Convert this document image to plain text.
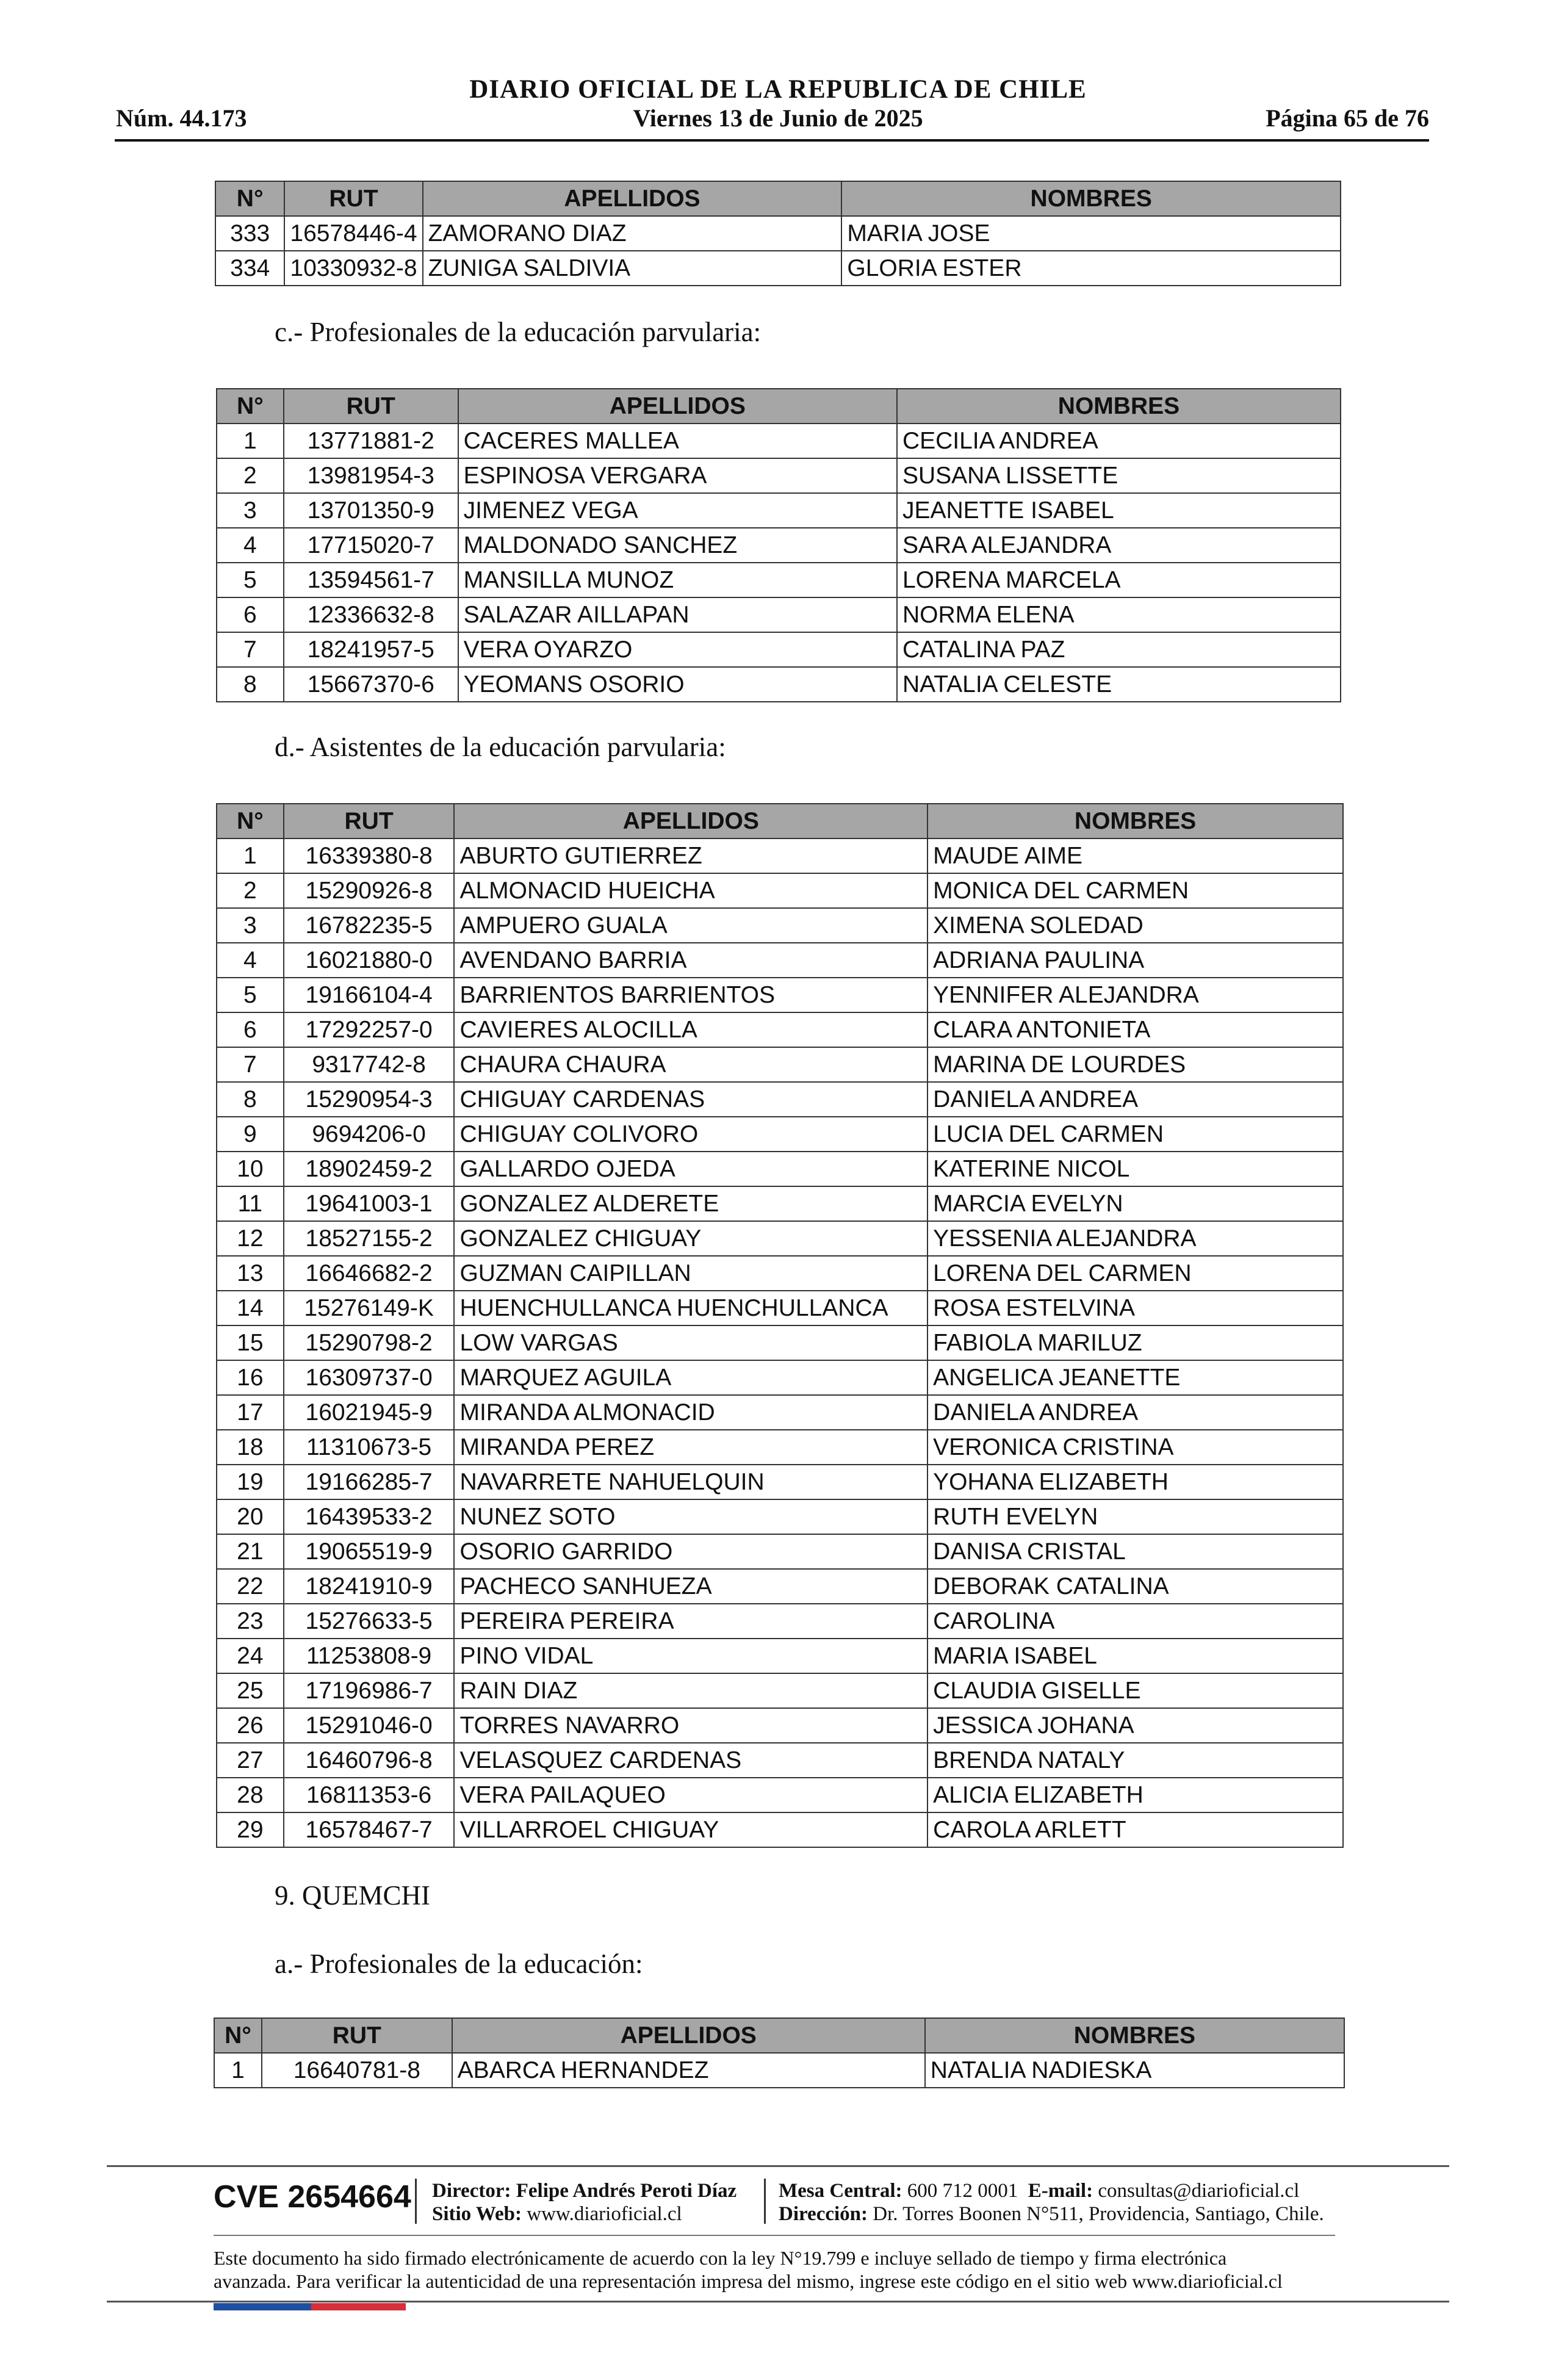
DIARIO OFICIAL DE LA REPUBLICA DE CHILE
Núm. 44.173	Viernes 13 de Junio de 2025	Página 65 de 76
N°	RUT	APELLIDOS	NOMBRES
333	16578446-4	ZAMORANO DIAZ	MARIA JOSE
334	10330932-8	ZUNIGA SALDIVIA	GLORIA ESTER
c.- Profesionales de la educación parvularia:
N°	RUT	APELLIDOS	NOMBRES
1	13771881-2	CACERES MALLEA	CECILIA ANDREA
2	13981954-3	ESPINOSA VERGARA	SUSANA LISSETTE
3	13701350-9	JIMENEZ VEGA	JEANETTE ISABEL
4	17715020-7	MALDONADO SANCHEZ	SARA ALEJANDRA
5	13594561-7	MANSILLA MUNOZ	LORENA MARCELA
6	12336632-8	SALAZAR AILLAPAN	NORMA ELENA
7	18241957-5	VERA OYARZO	CATALINA PAZ
8	15667370-6	YEOMANS OSORIO	NATALIA CELESTE
d.- Asistentes de la educación parvularia:
N°	RUT	APELLIDOS	NOMBRES
1	16339380-8	ABURTO GUTIERREZ	MAUDE AIME
2	15290926-8	ALMONACID HUEICHA	MONICA DEL CARMEN
3	16782235-5	AMPUERO GUALA	XIMENA SOLEDAD
4	16021880-0	AVENDANO BARRIA	ADRIANA PAULINA
5	19166104-4	BARRIENTOS BARRIENTOS	YENNIFER ALEJANDRA
6	17292257-0	CAVIERES ALOCILLA	CLARA ANTONIETA
7	9317742-8	CHAURA CHAURA	MARINA DE LOURDES
8	15290954-3	CHIGUAY CARDENAS	DANIELA ANDREA
9	9694206-0	CHIGUAY COLIVORO	LUCIA DEL CARMEN
10	18902459-2	GALLARDO OJEDA	KATERINE NICOL
11	19641003-1	GONZALEZ ALDERETE	MARCIA EVELYN
12	18527155-2	GONZALEZ CHIGUAY	YESSENIA ALEJANDRA
13	16646682-2	GUZMAN CAIPILLAN	LORENA DEL CARMEN
14	15276149-K	HUENCHULLANCA HUENCHULLANCA	ROSA ESTELVINA
15	15290798-2	LOW VARGAS	FABIOLA MARILUZ
16	16309737-0	MARQUEZ AGUILA	ANGELICA JEANETTE
17	16021945-9	MIRANDA ALMONACID	DANIELA ANDREA
18	11310673-5	MIRANDA PEREZ	VERONICA CRISTINA
19	19166285-7	NAVARRETE NAHUELQUIN	YOHANA ELIZABETH
20	16439533-2	NUNEZ SOTO	RUTH EVELYN
21	19065519-9	OSORIO GARRIDO	DANISA CRISTAL
22	18241910-9	PACHECO SANHUEZA	DEBORAK CATALINA
23	15276633-5	PEREIRA PEREIRA	CAROLINA
24	11253808-9	PINO VIDAL	MARIA ISABEL
25	17196986-7	RAIN DIAZ	CLAUDIA GISELLE
26	15291046-0	TORRES NAVARRO	JESSICA JOHANA
27	16460796-8	VELASQUEZ CARDENAS	BRENDA NATALY
28	16811353-6	VERA PAILAQUEO	ALICIA ELIZABETH
29	16578467-7	VILLARROEL CHIGUAY	CAROLA ARLETT
9. QUEMCHI
a.- Profesionales de la educación:
N°	RUT	APELLIDOS	NOMBRES
1	16640781-8	ABARCA HERNANDEZ	NATALIA NADIESKA
CVE 2654664 Director: Felipe Andrés Peroti Díaz
Sitio Web: www.diarioficial.cl
Mesa Central: 600 712 0001 E-mail: consultas@diarioficial.cl
Dirección: Dr. Torres Boonen N°511, Providencia, Santiago, Chile.
Este documento ha sido firmado electrónicamente de acuerdo con la ley N°19.799 e incluye sellado de tiempo y firma electrónica
avanzada. Para verificar la autenticidad de una representación impresa del mismo, ingrese este código en el sitio web www.diarioficial.cl
